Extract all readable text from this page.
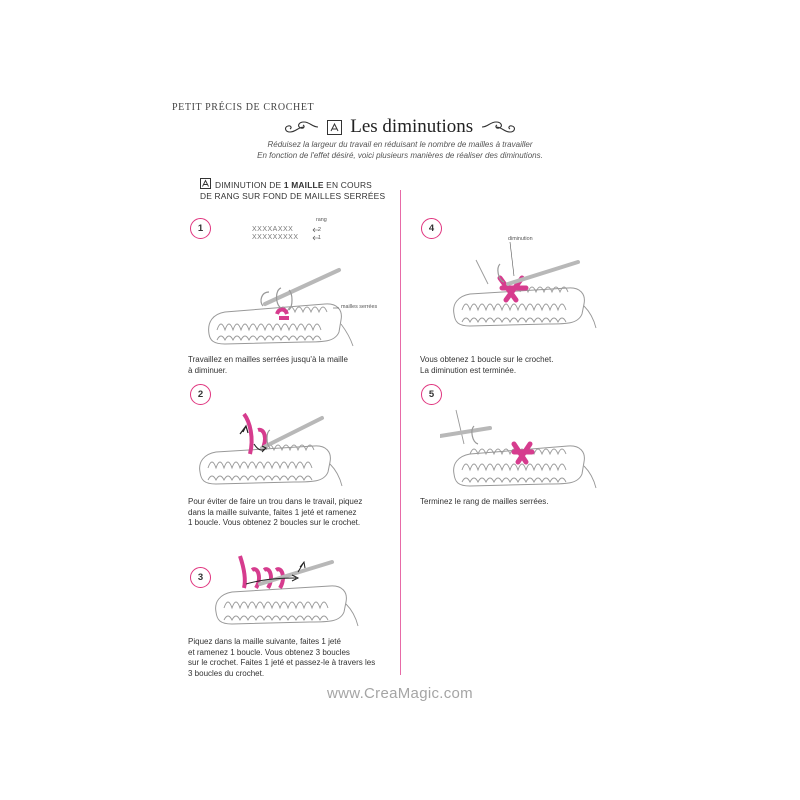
PETIT PRÉCIS DE CROCHET

Les diminutions
Réduisez la largeur du travail en réduisant le nombre de mailles à travailler
En fonction de l'effet désiré, voici plusieurs manières de réaliser des diminutions.
DIMINUTION DE 1 MAILLE EN COURS
DE RANG SUR FOND DE MAILLES SERRÉES
1
rang
XXXXAXXX	2
XXXXXXXXX	1
mailles serrées
Travaillez en mailles serrées jusqu'à la maille
à diminuer.
2
Pour éviter de faire un trou dans le travail, piquez
dans la maille suivante, faites 1 jeté et ramenez
1 boucle. Vous obtenez 2 boucles sur le crochet.
3
Piquez dans la maille suivante, faites 1 jeté
et ramenez 1 boucle. Vous obtenez 3 boucles
sur le crochet. Faites 1 jeté et passez-le à travers les
3 boucles du crochet.
4
diminution
Vous obtenez 1 boucle sur le crochet.
La diminution est terminée.
5
Terminez le rang de mailles serrées.
www.CreaMagic.com
